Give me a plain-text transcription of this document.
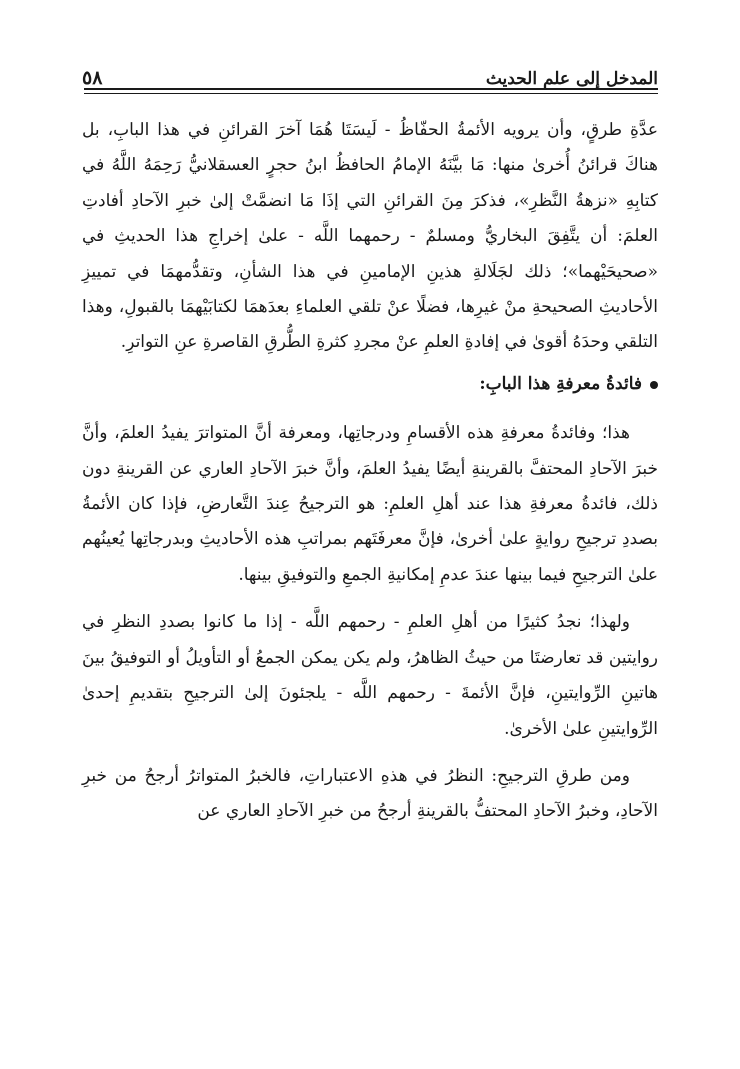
المدخل إلى علم الحديث
٥٨

عدَّةِ طرقٍ، وأن يرويه الأئمةُ الحفّاظُ - لَيسَتَا هُمَا آخرَ القرائنِ في هذا البابِ، بل هناكَ قرائنُ أُخرىٰ منها: مَا بيَّنَهُ الإمامُ الحافظُ ابنُ حجرٍ العسقلانيُّ رَحِمَهُ اللَّهُ في كتابِهِ «نزهةُ النَّظرِ»، فذكرَ مِنَ القرائنِ التي إذَا مَا انضمَّتْ إلىٰ خبرِ الآحادِ أفادتِ العلمَ: أن يتَّفِقَ البخاريُّ ومسلمٌ - رحمهما اللَّه - علىٰ إخراجِ هذا الحديثِ في «صحيحَيْهما»؛ ذلك لجَلَالةِ هذينِ الإمامينِ في هذا الشأنِ، وتقدُّمهمَا في تمييزِ الأحاديثِ الصحيحةِ منْ غيرِها، فضلًا عنْ تلقي العلماءِ بعدَهمَا لكتابَيْهمَا بالقبولِ، وهذا التلقي وحدَهُ أقوىٰ في إفادةِ العلمِ عنْ مجردِ كثرةِ الطُّرقِ القاصرةِ عنِ التواترِ.

فائدةُ معرفةِ هذا البابِ:

هذا؛ وفائدةُ معرفةِ هذه الأقسامِ ودرجاتِها، ومعرفة أنَّ المتواترَ يفيدُ العلمَ، وأنَّ خبرَ الآحادِ المحتفَّ بالقرينةِ أيضًا يفيدُ العلمَ، وأنَّ خبرَ الآحادِ العاري عن القرينةِ دون ذلك، فائدةُ معرفةِ هذا عند أهلِ العلمِ: هو الترجيحُ عِندَ التَّعارضِ، فإذا كان الأئمةُ بصددِ ترجيحِ روايةٍ علىٰ أخرىٰ، فإنَّ معرفَتَهم بمراتبِ هذه الأحاديثِ وبدرجاتِها يُعينُهم علىٰ الترجيحِ فيما بينها عندَ عدمِ إمكانيةِ الجمعِ والتوفيقِ بينها.

ولهذا؛ نجدُ كثيرًا من أهلِ العلمِ - رحمهم اللَّه - إذا ما كانوا بصددِ النظرِ في روايتين قد تعارضتَا من حيثُ الظاهرُ، ولم يكن يمكن الجمعُ أو التأويلُ أو التوفيقُ بينَ هاتينِ الرِّوايتينِ، فإنَّ الأئمةَ - رحمهم اللَّه - يلجئونَ إلىٰ الترجيحِ بتقديمِ إحدىٰ الرِّوايتينِ علىٰ الأخرىٰ.

ومن طرقِ الترجيحِ: النظرُ في هذهِ الاعتباراتِ، فالخبرُ المتواترُ أرجحُ من خبرِ الآحادِ، وخبرُ الآحادِ المحتفُّ بالقرينةِ أرجحُ من خبرِ الآحادِ العاري عن
